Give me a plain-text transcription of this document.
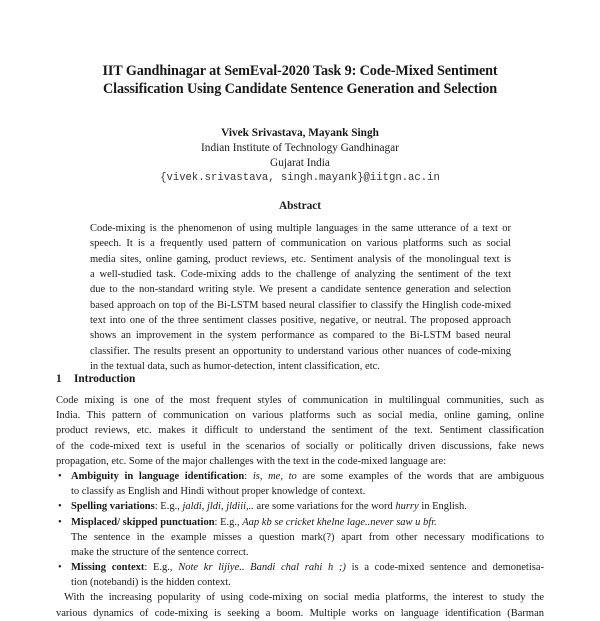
IIT Gandhinagar at SemEval-2020 Task 9: Code-Mixed Sentiment
Classification Using Candidate Sentence Generation and Selection
Vivek Srivastava, Mayank Singh
Indian Institute of Technology Gandhinagar
Gujarat India
{vivek.srivastava, singh.mayank}@iitgn.ac.in
Abstract
Code-mixing is the phenomenon of using multiple languages in the same utterance of a text or
speech. It is a frequently used pattern of communication on various platforms such as social
media sites, online gaming, product reviews, etc. Sentiment analysis of the monolingual text is
a well-studied task. Code-mixing adds to the challenge of analyzing the sentiment of the text
due to the non-standard writing style. We present a candidate sentence generation and selection
based approach on top of the Bi-LSTM based neural classifier to classify the Hinglish code-mixed
text into one of the three sentiment classes positive, negative, or neutral. The proposed approach
shows an improvement in the system performance as compared to the Bi-LSTM based neural
classifier. The results present an opportunity to understand various other nuances of code-mixing
in the textual data, such as humor-detection, intent classification, etc.
1 Introduction
Code mixing is one of the most frequent styles of communication in multilingual communities, such as
India. This pattern of communication on various platforms such as social media, online gaming, online
product reviews, etc. makes it difficult to understand the sentiment of the text. Sentiment classification
of the code-mixed text is useful in the scenarios of socially or politically driven discussions, fake news
propagation, etc. Some of the major challenges with the text in the code-mixed language are:
• Ambiguity in language identification: is, me, to are some examples of the words that are ambiguous
to classify as English and Hindi without proper knowledge of context.
• Spelling variations: E.g., jaldi, jldi, jldiii,.. are some variations for the word hurry in English.
• Misplaced/ skipped punctuation: E.g., Aap kb se cricket khelne lage..never saw u bfr.
The sentence in the example misses a question mark(?) apart from other necessary modifications to
make the structure of the sentence correct.
• Missing context: E.g., Note kr lijiye.. Bandi chal rahi h ;) is a code-mixed sentence and demonetisa-
tion (notebandi) is the hidden context.
With the increasing popularity of using code-mixing on social media platforms, the interest to study the
various dynamics of code-mixing is seeking a boom. Multiple works on language identification (Barman
